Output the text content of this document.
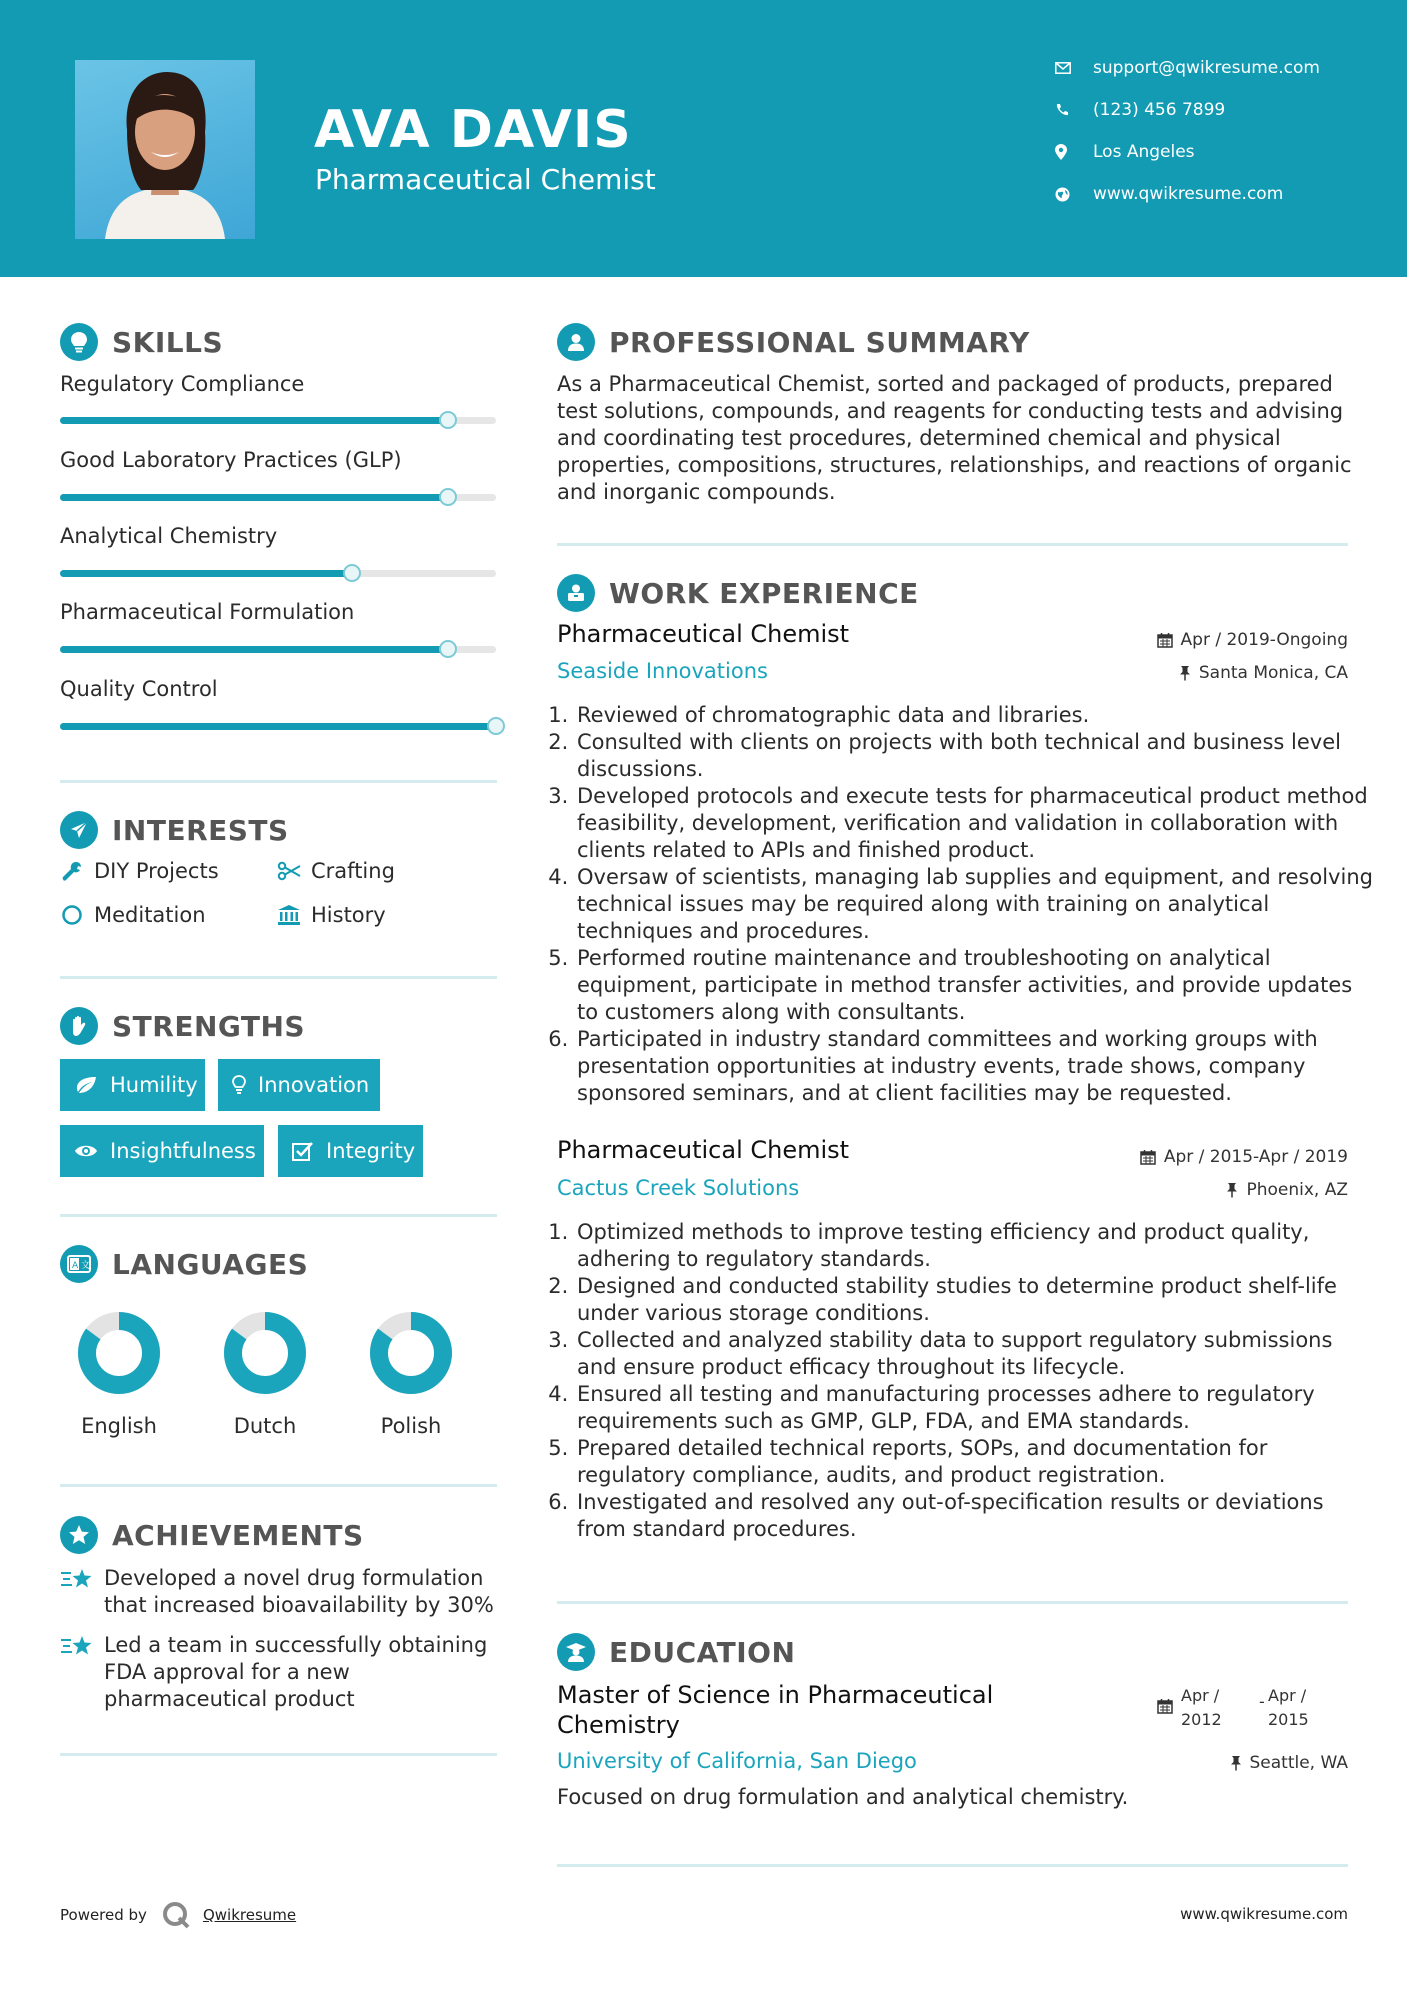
AVA DAVIS
Pharmaceutical Chemist
support@qwikresume.com
(123) 456 7899
Los Angeles
www.qwikresume.com
SKILLS
Regulatory Compliance
Good Laboratory Practices (GLP)
Analytical Chemistry
Pharmaceutical Formulation
Quality Control
INTERESTS
DIY Projects	Crafting
Meditation	History
STRENGTHS
Humility	Innovation
Insightfulness	Integrity
A 文 LANGUAGES
English	Dutch	Polish
ACHIEVEMENTS
Developed a novel drug formulation that increased bioavailability by 30%
Led a team in successfully obtaining FDA approval for a new pharmaceutical product
PROFESSIONAL SUMMARY
As a Pharmaceutical Chemist, sorted and packaged of products, prepared test solutions, compounds, and reagents for conducting tests and advising and coordinating test procedures, determined chemical and physical properties, compositions, structures, relationships, and reactions of organic and inorganic compounds.
WORK EXPERIENCE
Pharmaceutical Chemist	Apr / 2019-Ongoing
Seaside Innovations	Santa Monica, CA
1. Reviewed of chromatographic data and libraries.
2. Consulted with clients on projects with both technical and business level discussions.
3. Developed protocols and execute tests for pharmaceutical product method feasibility, development, verification and validation in collaboration with clients related to APIs and finished product.
4. Oversaw of scientists, managing lab supplies and equipment, and resolving technical issues may be required along with training on analytical techniques and procedures.
5. Performed routine maintenance and troubleshooting on analytical equipment, participate in method transfer activities, and provide updates to customers along with consultants.
6. Participated in industry standard committees and working groups with presentation opportunities at industry events, trade shows, company sponsored seminars, and at client facilities may be requested.
Pharmaceutical Chemist	Apr / 2015-Apr / 2019
Cactus Creek Solutions	Phoenix, AZ
1. Optimized methods to improve testing efficiency and product quality, adhering to regulatory standards.
2. Designed and conducted stability studies to determine product shelf-life under various storage conditions.
3. Collected and analyzed stability data to support regulatory submissions and ensure product efficacy throughout its lifecycle.
4. Ensured all testing and manufacturing processes adhere to regulatory requirements such as GMP, GLP, FDA, and EMA standards.
5. Prepared detailed technical reports, SOPs, and documentation for regulatory compliance, audits, and product registration.
6. Investigated and resolved any out-of-specification results or deviations from standard procedures.
EDUCATION
Master of Science in Pharmaceutical Chemistry
Apr / 2012
- Apr / 2015
University of California, San Diego	Seattle, WA
Focused on drug formulation and analytical chemistry.
Powered by	Qwikresume	www.qwikresume.com
